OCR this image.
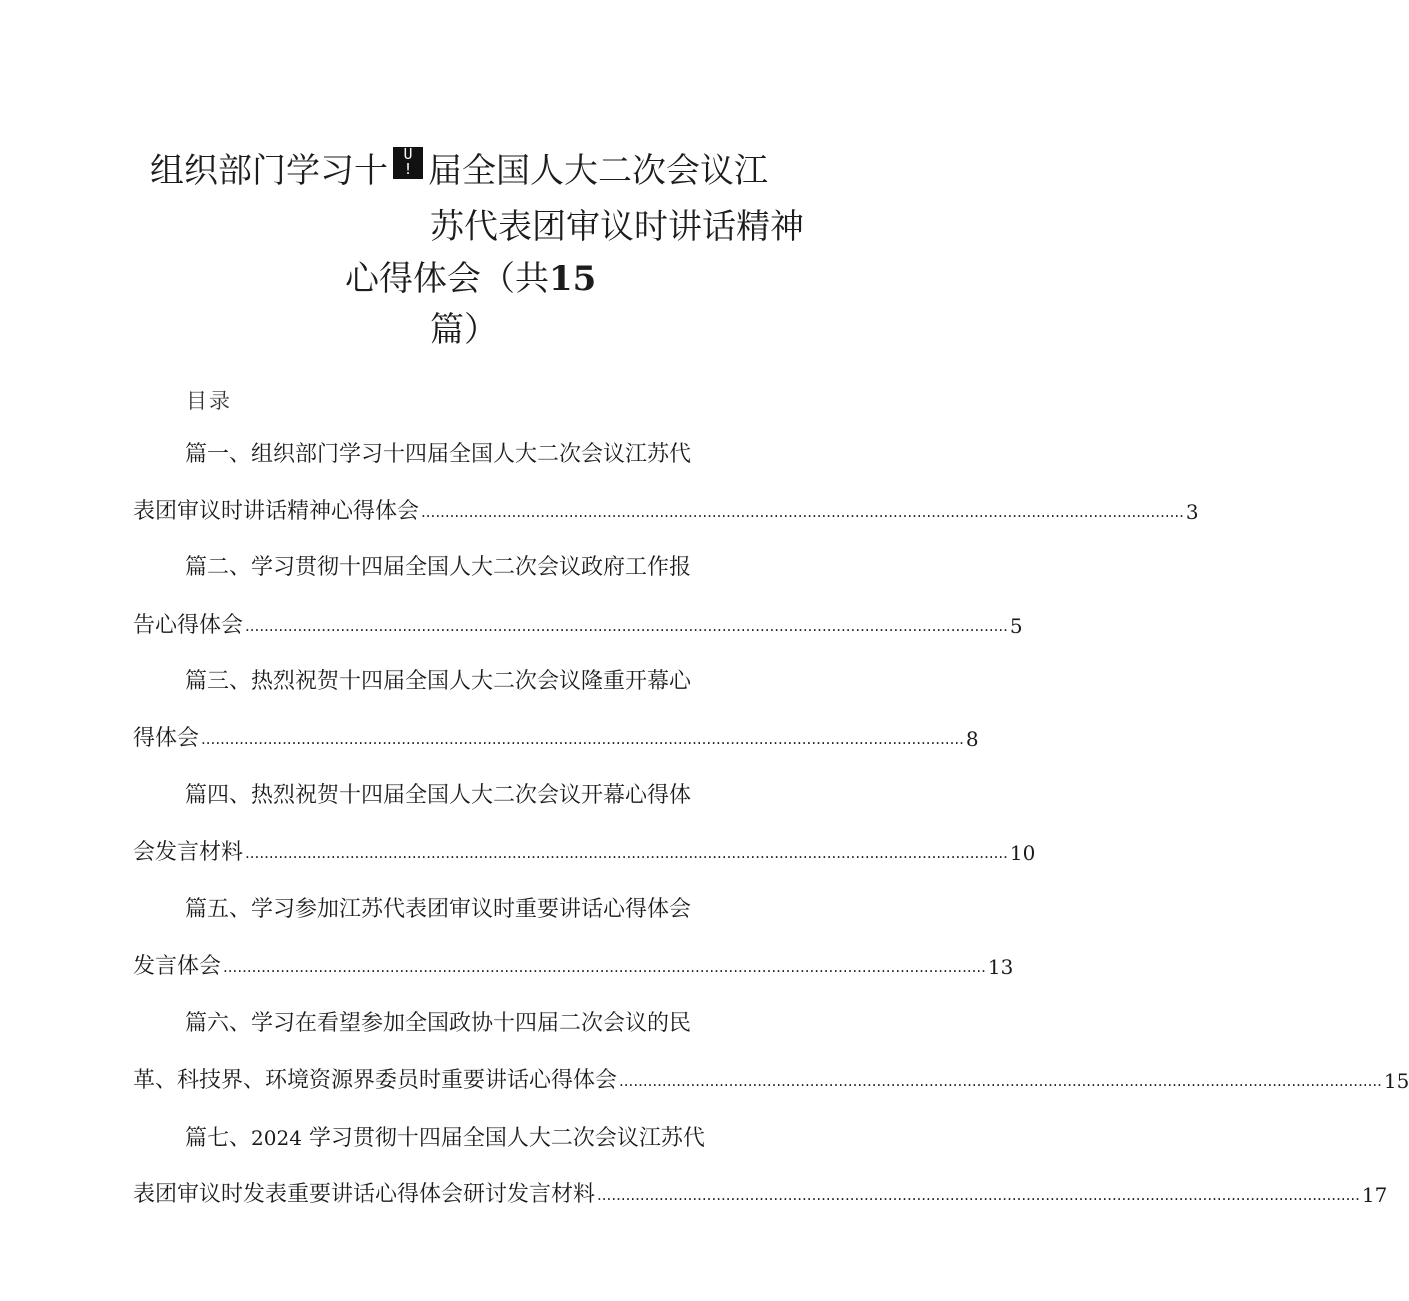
组织部门学习十	U
! 届全国人大二次会议江
苏代表团审议时讲话精神
心得体会（共15
篇）
目录
篇一、组织部门学习十四届全国人大二次会议江苏代
表团审议时讲话精神心得体会 ................................................................................................................................................................ 3
篇二、学习贯彻十四届全国人大二次会议政府工作报
告心得体会 ................................................................................................................................................................ 5
篇三、热烈祝贺十四届全国人大二次会议隆重开幕心
得体会 ................................................................................................................................................................ 8
篇四、热烈祝贺十四届全国人大二次会议开幕心得体
会发言材料 ................................................................................................................................................................ 10
篇五、学习参加江苏代表团审议时重要讲话心得体会
发言体会 ................................................................................................................................................................ 13
篇六、学习在看望参加全国政协十四届二次会议的民
革、科技界、环境资源界委员时重要讲话心得体会 ................................................................................................................................................................ 15
篇七、2024 学习贯彻十四届全国人大二次会议江苏代
表团审议时发表重要讲话心得体会研讨发言材料 ................................................................................................................................................................ 17
